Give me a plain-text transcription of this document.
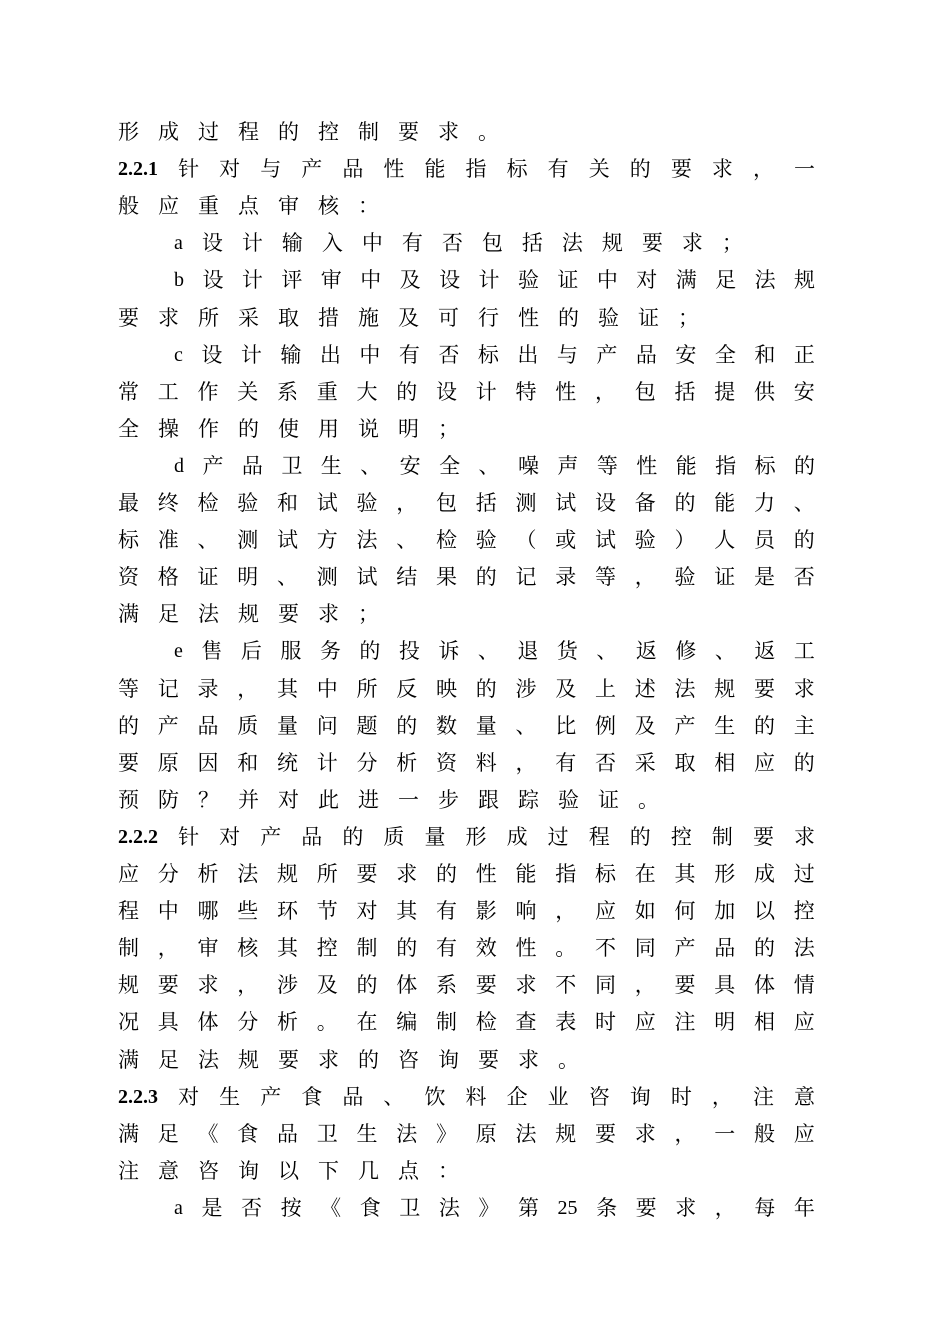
形 成 过 程 的 控 制 要 求 。
2.2.1 针 对 与 产 品 性 能 指 标 有 关 的 要 求 ， 一
般 应 重 点 审 核 ：
a 设 计 输 入 中 有 否 包 括 法 规 要 求 ；
b 设 计 评 审 中 及 设 计 验 证 中 对 满 足 法 规
要 求 所 采 取 措 施 及 可 行 性 的 验 证 ；
c 设 计 输 出 中 有 否 标 出 与 产 品 安 全 和 正
常 工 作 关 系 重 大 的 设 计 特 性 ， 包 括 提 供 安
全 操 作 的 使 用 说 明 ；
d 产 品 卫 生 、 安 全 、 噪 声 等 性 能 指 标 的
最 终 检 验 和 试 验 ， 包 括 测 试 设 备 的 能 力 、
标 准 、 测 试 方 法 、 检 验 （ 或 试 验 ） 人 员 的
资 格 证 明 、 测 试 结 果 的 记 录 等 ， 验 证 是 否
满 足 法 规 要 求 ；
e 售 后 服 务 的 投 诉 、 退 货 、 返 修 、 返 工
等 记 录 ， 其 中 所 反 映 的 涉 及 上 述 法 规 要 求
的 产 品 质 量 问 题 的 数 量 、 比 例 及 产 生 的 主
要 原 因 和 统 计 分 析 资 料 ， 有 否 采 取 相 应 的
预 防 ？ 并 对 此 进 一 步 跟 踪 验 证 。
2.2.2 针 对 产 品 的 质 量 形 成 过 程 的 控 制 要 求
应 分 析 法 规 所 要 求 的 性 能 指 标 在 其 形 成 过
程 中 哪 些 环 节 对 其 有 影 响 ， 应 如 何 加 以 控
制 ， 审 核 其 控 制 的 有 效 性 。 不 同 产 品 的 法
规 要 求 ， 涉 及 的 体 系 要 求 不 同 ， 要 具 体 情
况 具 体 分 析 。 在 编 制 检 查 表 时 应 注 明 相 应
满 足 法 规 要 求 的 咨 询 要 求 。
2.2.3 对 生 产 食 品 、 饮 料 企 业 咨 询 时 ， 注 意
满 足 《 食 品 卫 生 法 》 原 法 规 要 求 ， 一 般 应
注 意 咨 询 以 下 几 点 ：
a 是 否 按 《 食 卫 法 》 第 25 条 要 求 ， 每 年
